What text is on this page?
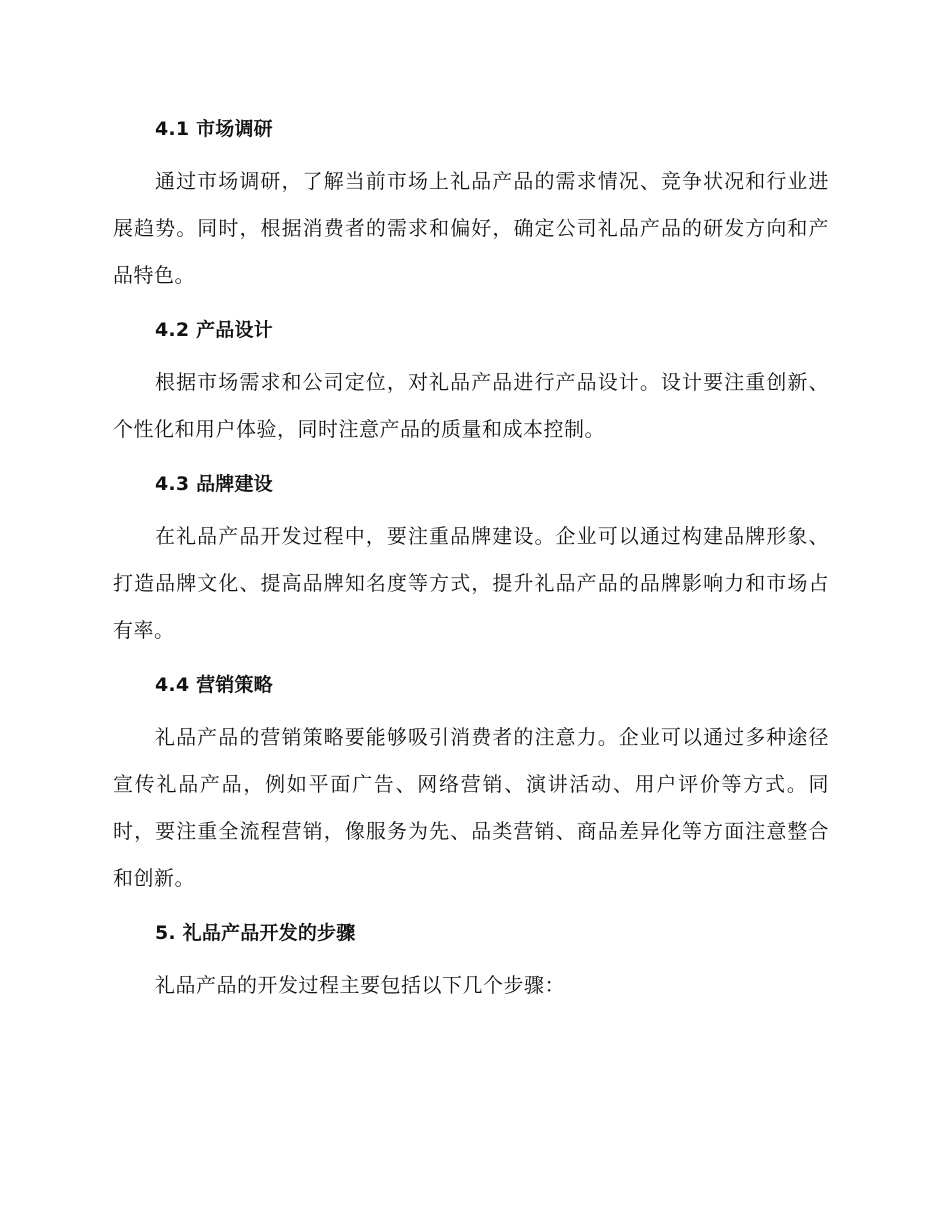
4.1 市场调研

通过市场调研，了解当前市场上礼品产品的需求情况、竞争状况和行业进展趋势。同时，根据消费者的需求和偏好，确定公司礼品产品的研发方向和产品特色。

4.2 产品设计

根据市场需求和公司定位，对礼品产品进行产品设计。设计要注重创新、个性化和用户体验，同时注意产品的质量和成本控制。

4.3 品牌建设

在礼品产品开发过程中，要注重品牌建设。企业可以通过构建品牌形象、打造品牌文化、提高品牌知名度等方式，提升礼品产品的品牌影响力和市场占有率。

4.4 营销策略

礼品产品的营销策略要能够吸引消费者的注意力。企业可以通过多种途径宣传礼品产品，例如平面广告、网络营销、演讲活动、用户评价等方式。同时，要注重全流程营销，像服务为先、品类营销、商品差异化等方面注意整合和创新。

5. 礼品产品开发的步骤

礼品产品的开发过程主要包括以下几个步骤：
